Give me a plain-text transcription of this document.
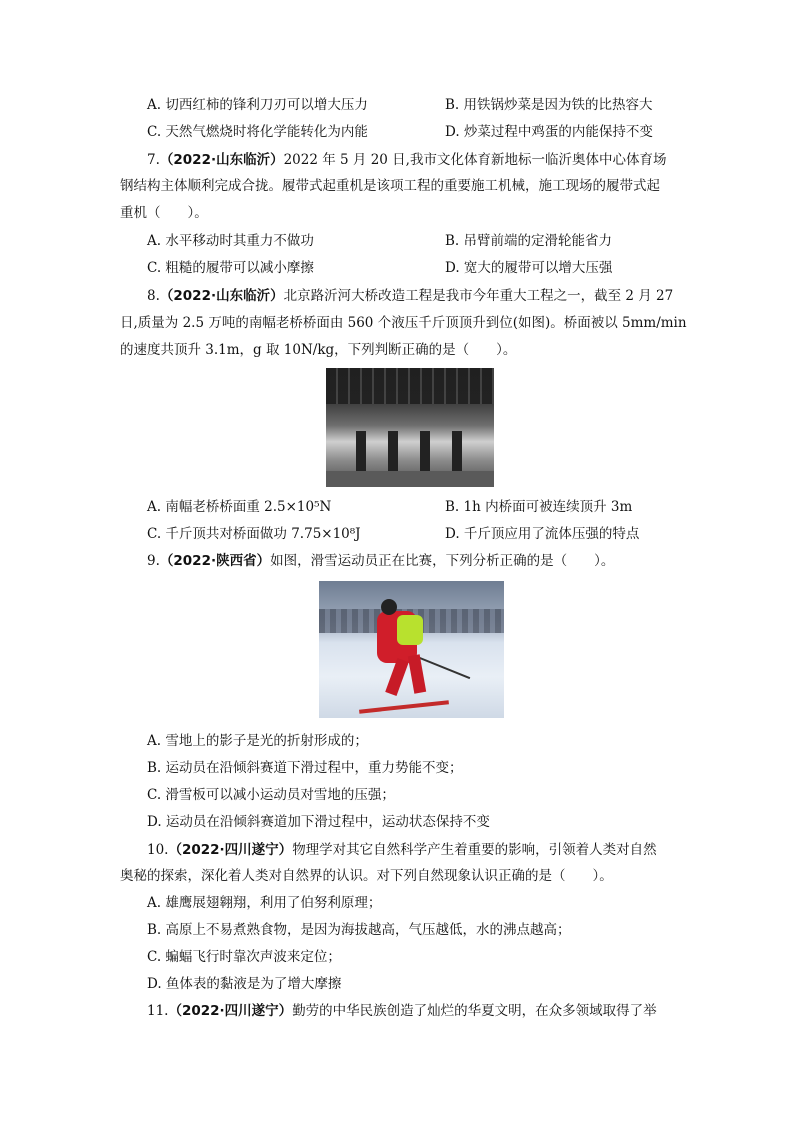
A. 切西红柿的锋利刀刃可以增大压力	B. 用铁锅炒菜是因为铁的比热容大
C. 天然气燃烧时将化学能转化为内能	D. 炒菜过程中鸡蛋的内能保持不变
7.（2022·山东临沂）2022 年 5 月 20 日,我市文化体育新地标一临沂奥体中心体育场
钢结构主体顺利完成合拢。履带式起重机是该项工程的重要施工机械，施工现场的履带式起
重机（　　）。
A. 水平移动时其重力不做功	B. 吊臂前端的定滑轮能省力
C. 粗糙的履带可以减小摩擦	D. 宽大的履带可以增大压强
8.（2022·山东临沂）北京路沂河大桥改造工程是我市今年重大工程之一，截至 2 月 27
日,质量为 2.5 万吨的南幅老桥桥面由 560 个液压千斤顶顶升到位(如图)。桥面被以 5mm/min
的速度共顶升 3.1m，g 取 10N/kg，下列判断正确的是（　　）。
A. 南幅老桥桥面重 2.5×10⁵N	B. 1h 内桥面可被连续顶升 3m
C. 千斤顶共对桥面做功 7.75×10⁸J	D. 千斤顶应用了流体压强的特点
9.（2022·陕西省）如图，滑雪运动员正在比赛，下列分析正确的是（　　）。
A. 雪地上的影子是光的折射形成的；
B. 运动员在沿倾斜赛道下滑过程中，重力势能不变；
C. 滑雪板可以减小运动员对雪地的压强；
D. 运动员在沿倾斜赛道加下滑过程中，运动状态保持不变
10.（2022·四川遂宁）物理学对其它自然科学产生着重要的影响，引领着人类对自然
奥秘的探索，深化着人类对自然界的认识。对下列自然现象认识正确的是（　　）。
A. 雄鹰展翅翱翔，利用了伯努利原理；
B. 高原上不易煮熟食物，是因为海拔越高，气压越低，水的沸点越高；
C. 蝙蝠飞行时靠次声波来定位；
D. 鱼体表的黏液是为了增大摩擦
11.（2022·四川遂宁）勤劳的中华民族创造了灿烂的华夏文明，在众多领域取得了举
